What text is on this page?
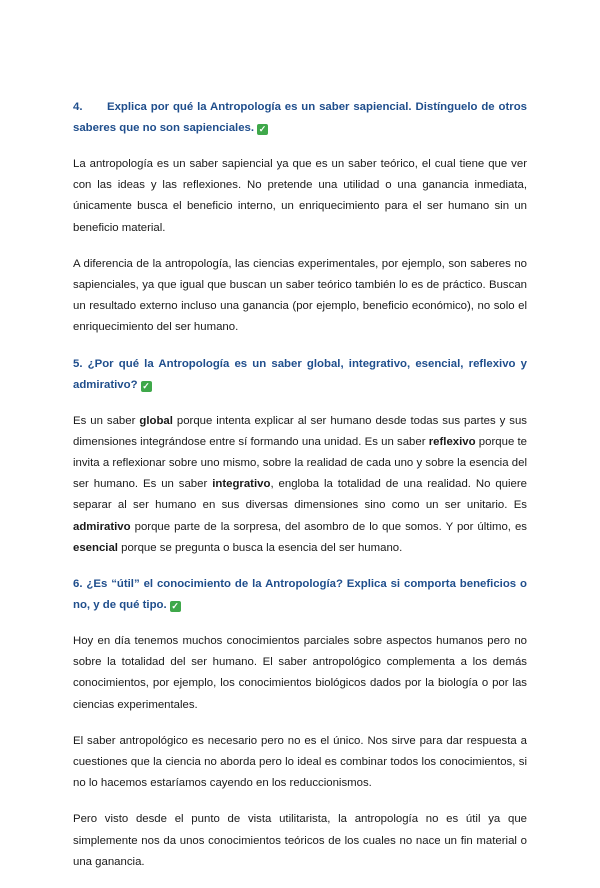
4. Explica por qué la Antropología es un saber sapiencial. Distínguelo de otros saberes que no son sapienciales. ✓

La antropología es un saber sapiencial ya que es un saber teórico, el cual tiene que ver con las ideas y las reflexiones. No pretende una utilidad o una ganancia inmediata, únicamente busca el beneficio interno, un enriquecimiento para el ser humano sin un beneficio material.

A diferencia de la antropología, las ciencias experimentales, por ejemplo, son saberes no sapienciales, ya que igual que buscan un saber teórico también lo es de práctico. Buscan un resultado externo incluso una ganancia (por ejemplo, beneficio económico), no solo el enriquecimiento del ser humano.

5. ¿Por qué la Antropología es un saber global, integrativo, esencial, reflexivo y admirativo? ✓

Es un saber global porque intenta explicar al ser humano desde todas sus partes y sus dimensiones integrándose entre sí formando una unidad. Es un saber reflexivo porque te invita a reflexionar sobre uno mismo, sobre la realidad de cada uno y sobre la esencia del ser humano. Es un saber integrativo, engloba la totalidad de una realidad. No quiere separar al ser humano en sus diversas dimensiones sino como un ser unitario. Es admirativo porque parte de la sorpresa, del asombro de lo que somos. Y por último, es esencial porque se pregunta o busca la esencia del ser humano.

6. ¿Es “útil” el conocimiento de la Antropología? Explica si comporta beneficios o no, y de qué tipo. ✓

Hoy en día tenemos muchos conocimientos parciales sobre aspectos humanos pero no sobre la totalidad del ser humano. El saber antropológico complementa a los demás conocimientos, por ejemplo, los conocimientos biológicos dados por la biología o por las ciencias experimentales.

El saber antropológico es necesario pero no es el único. Nos sirve para dar respuesta a cuestiones que la ciencia no aborda pero lo ideal es combinar todos los conocimientos, si no lo hacemos estaríamos cayendo en los reduccionismos.

Pero visto desde el punto de vista utilitarista, la antropología no es útil ya que simplemente nos da unos conocimientos teóricos de los cuales no nace un fin material o una ganancia.
